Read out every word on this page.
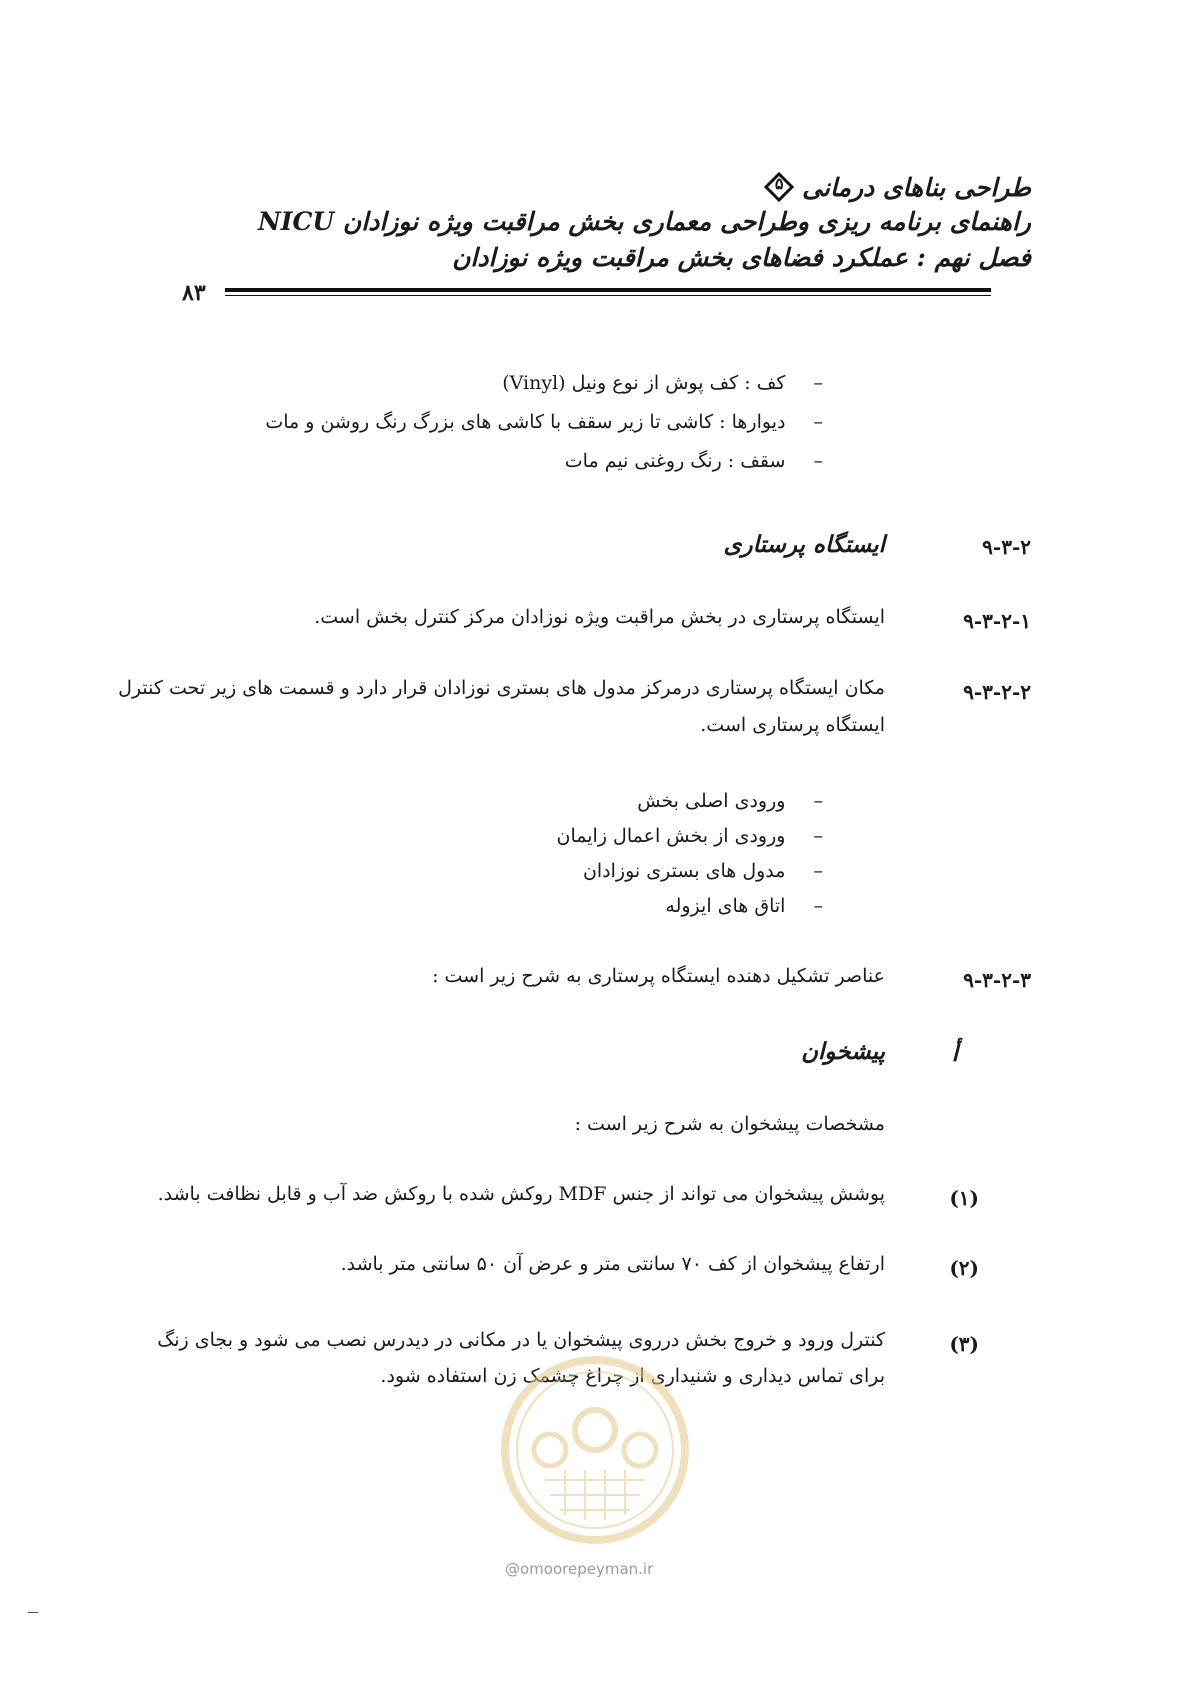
طراحی بناهای درمانی
۵
راهنمای برنامه ریزی وطراحی معماری بخش مراقبت ویژه نوزادان NICU
فصل نهم : عملکرد فضاهای بخش مراقبت ویژه نوزادان
۸۳
– کف : کف پوش از نوع ونیل (Vinyl)
– دیوارها : کاشی تا زیر سقف با کاشی های بزرگ رنگ روشن و مات
– سقف : رنگ روغنی نیم مات
۹-۳-۲
ایستگاه پرستاری
۹-۳-۲-۱
ایستگاه پرستاری در بخش مراقبت ویژه نوزادان مرکز کنترل بخش است.
۹-۳-۲-۲
مکان ایستگاه پرستاری درمرکز مدول های بستری نوزادان قرار دارد و قسمت های زیر تحت کنترل
ایستگاه پرستاری است.
– ورودی اصلی بخش
– ورودی از بخش اعمال زایمان
– مدول های بستری نوزادان
– اتاق های ایزوله
۹-۳-۲-۳
عناصر تشکیل دهنده ایستگاه پرستاری به شرح زیر است :
أ
پیشخوان
مشخصات پیشخوان به شرح زیر است :
(۱)
پوشش پیشخوان می تواند از جنس MDF روکش شده با روکش ضد آب و قابل نظافت باشد.
(۲)
ارتفاع پیشخوان از کف ۷۰ سانتی متر و عرض آن ۵۰ سانتی متر باشد.
(۳)
کنترل ورود و خروج بخش درروی پیشخوان یا در مکانی در دیدرس نصب می شود و بجای زنگ
برای تماس دیداری و شنیداری از چراغ چشمک زن استفاده شود.
@omoorepeyman.ir
